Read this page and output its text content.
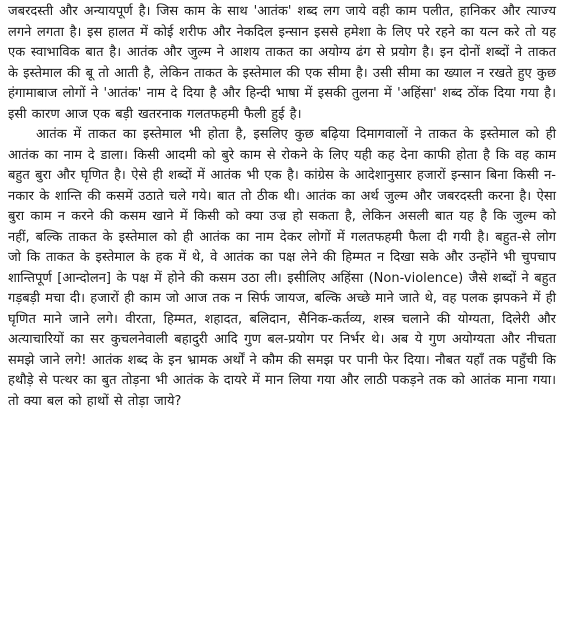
जबरदस्ती और अन्यायपूर्ण है। जिस काम के साथ 'आतंक' शब्द लग जाये वही काम पलीत, हानिकर और त्याज्य लगने लगता है। इस हालत में कोई शरीफ और नेकदिल इन्सान इससे हमेशा के लिए परे रहने का यत्न करे तो यह एक स्वाभाविक बात है। आतंक और जुल्म ने आशय ताकत का अयोग्य ढंग से प्रयोग है। इन दोनों शब्दों ने ताकत के इस्तेमाल की बू तो आती है, लेकिन ताकत के इस्तेमाल की एक सीमा है। उसी सीमा का ख्याल न रखते हुए कुछ हंगामाबाज लोगों ने 'आतंक' नाम दे दिया है और हिन्दी भाषा में इसकी तुलना में 'अहिंसा' शब्द ठोंक दिया गया है। इसी कारण आज एक बड़ी खतरनाक गलतफहमी फैली हुई है।

आतंक में ताकत का इस्तेमाल भी होता है, इसलिए कुछ बढ़िया दिमागवालों ने ताकत के इस्तेमाल को ही आतंक का नाम दे डाला। किसी आदमी को बुरे काम से रोकने के लिए यही कह देना काफी होता है कि वह काम बहुत बुरा और घृणित है। ऐसे ही शब्दों में आतंक भी एक है। कांग्रेस के आदेशानुसार हजारों इन्सान बिना किसी न-नकार के शान्ति की कसमें उठाते चले गये। बात तो ठीक थी। आतंक का अर्थ जुल्म और जबरदस्ती करना है। ऐसा बुरा काम न करने की कसम खाने में किसी को क्या उज्र हो सकता है, लेकिन असली बात यह है कि जुल्म को नहीं, बल्कि ताकत के इस्तेमाल को ही आतंक का नाम देकर लोगों में गलतफहमी फैला दी गयी है। बहुत-से लोग जो कि ताकत के इस्तेमाल के हक में थे, वे आतंक का पक्ष लेने की हिम्मत न दिखा सके और उन्होंने भी चुपचाप शान्तिपूर्ण [आन्दोलन] के पक्ष में होने की कसम उठा ली। इसीलिए अहिंसा (Non-violence) जैसे शब्दों ने बहुत गड़बड़ी मचा दी। हजारों ही काम जो आज तक न सिर्फ जायज, बल्कि अच्छे माने जाते थे, वह पलक झपकने में ही घृणित माने जाने लगे। वीरता, हिम्मत, शहादत, बलिदान, सैनिक-कर्तव्य, शस्त्र चलाने की योग्यता, दिलेरी और अत्याचारियों का सर कुचलनेवाली बहादुरी आदि गुण बल-प्रयोग पर निर्भर थे। अब ये गुण अयोग्यता और नीचता समझे जाने लगे! आतंक शब्द के इन भ्रामक अर्थों ने कौम की समझ पर पानी फेर दिया। नौबत यहाँ तक पहुँची कि हथौड़े से पत्थर का बुत तोड़ना भी आतंक के दायरे में मान लिया गया और लाठी पकड़ने तक को आतंक माना गया। तो क्या बल को हाथों से तोड़ा जाये?
